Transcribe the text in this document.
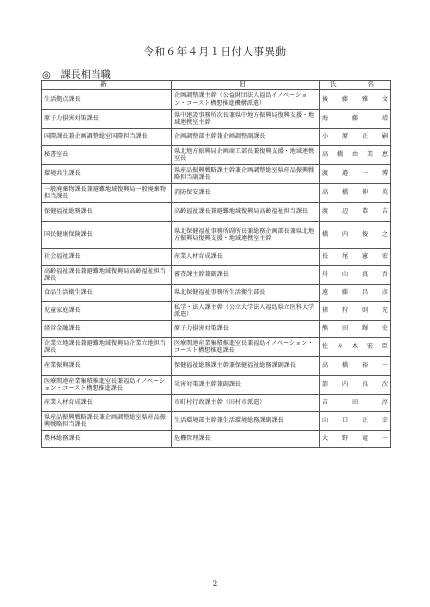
令和６年４月１日付人事異動
◎ 課長相当職
新	旧	氏　　名
生活拠点課長	企画調整課主幹（公益財団法人福島イノベーション・コースト構想推進機構派遣）	後 藤 雅 文

原子力損害対策課長	県中建設事務所次長兼県中地方振興局復興支援・地域連携室主幹	海 藤 靖

国際課長兼企画調整総室国際担当課長	企画調整部主幹兼企画調整副課長	小 原 正 嗣

秘書室長	県北地方振興局企画商工部長兼復興支援・地域連携室長	高 橋 由 美 恵

環境共生課長	県産品振興戦略課主幹兼企画調整総室県産品振興戦略担当副課長	渡 邉 一 博

一般廃棄物課長兼避難地域復興局一般廃棄物担当課長	消防保安課長	高 橋 伸 英

保健福祉総務課長	高齢福祉課長兼避難地域復興局高齢福祉担当課長	渡 辺 恭 吉

国民健康保険課長	県北保健福祉事務所副所長兼総務企画部長兼県北地方振興局復興支援・地域連携室主幹	橋 内 俊 之

社会福祉課長	産業人材育成課長	長 尾 憲 宏

高齢福祉課長兼避難地域復興局高齢福祉担当課長	審査課主幹兼副課長	舟 山 真 吾

食品生活衛生課長	県北保健福祉事務所生活衛生部長	遠 藤 昌 彦

児童家庭課長	私学・法人課主幹（公立大学法人福島県立医科大学派遣）	猪 狩 則 光

経営金融課長	原子力損害対策課長	熊 田 輝 史

企業立地課長兼避難地域復興局企業立地担当課長	医療関連産業集積推進室長兼福島イノベーション・コースト構想推進課長	佐 々 木 宏 臣

産業振興課長	保健福祉総務課主幹兼保健福祉総務課副課長	高 橋 裕 一

医療関連産業集積推進室長兼福島イノベーション・コースト構想推進課長	災害対策課主幹兼副課長	箭 内 良 次

産業人材育成課長	市町村行政課主幹（田村市派遣）	吉 田 淳

県産品振興戦略課長兼企画調整総室県産品振興戦略担当課長	生活環境部主幹兼生活環境総務課副課長	山 口 正 幸

農林総務課長	危機管理課長	大 野 竜 一
2
